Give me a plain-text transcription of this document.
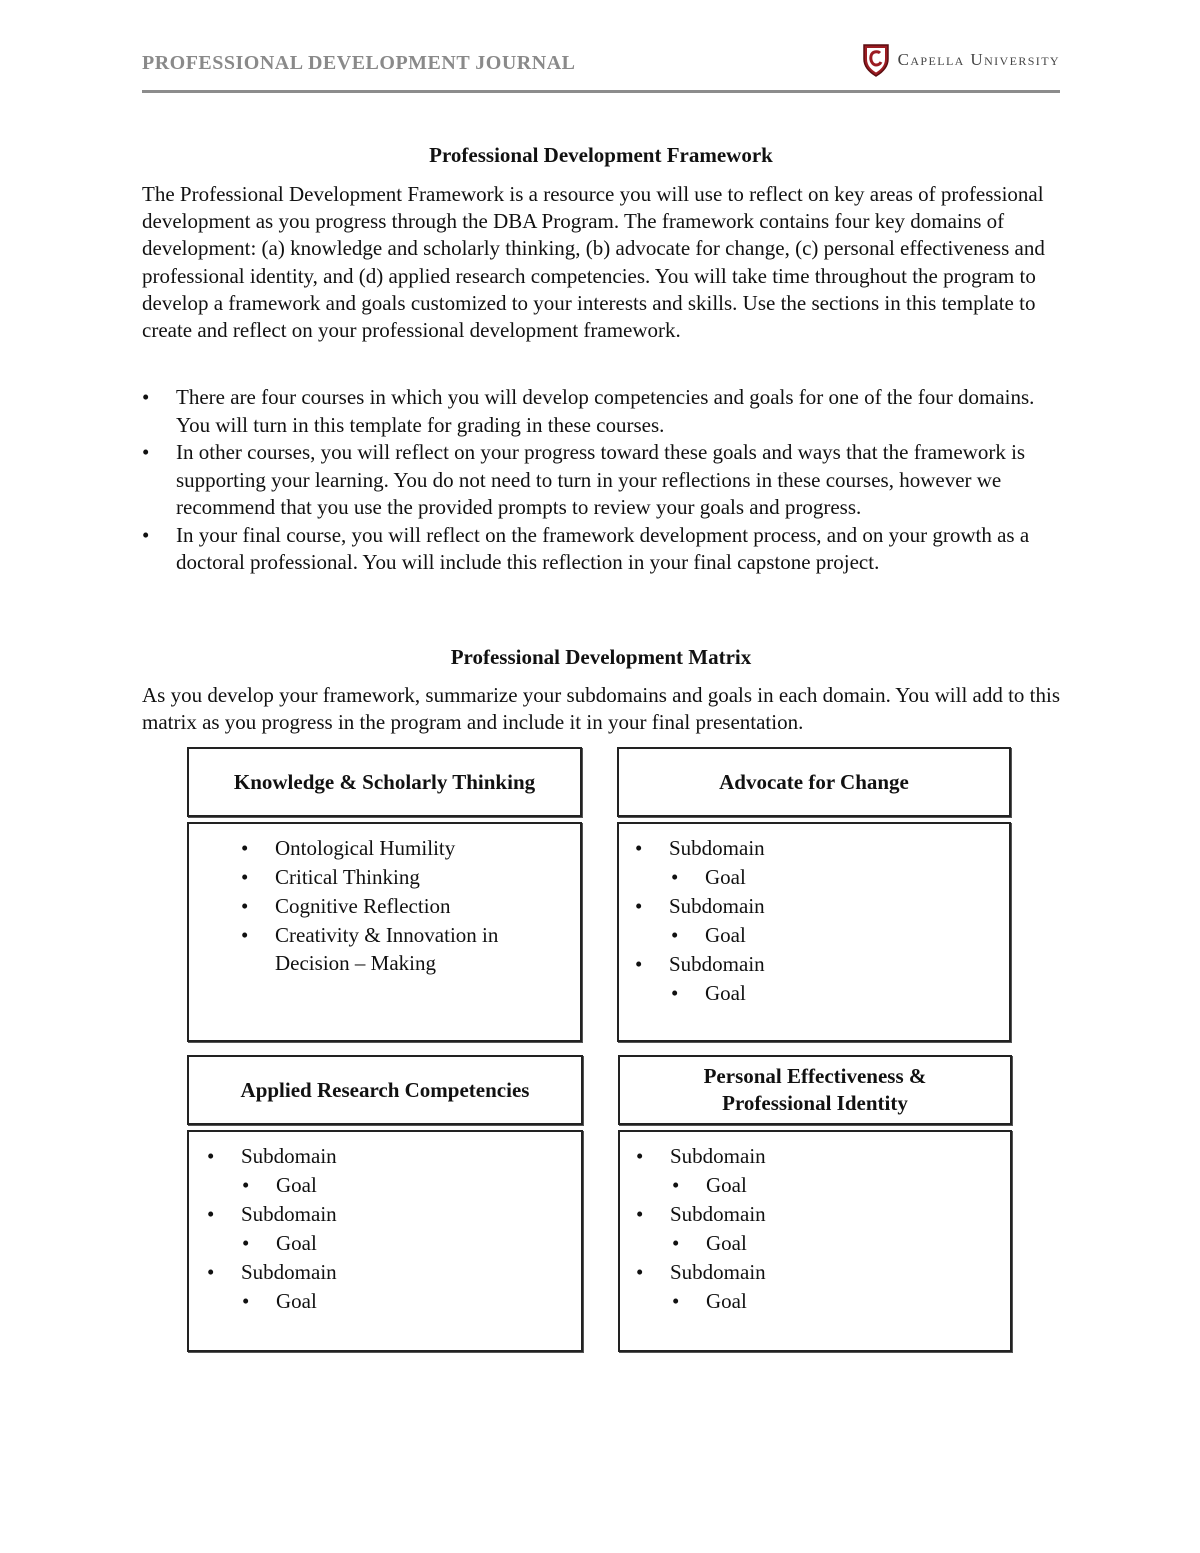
PROFESSIONAL DEVELOPMENT JOURNAL	Capella University
Professional Development Framework
The Professional Development Framework is a resource you will use to reflect on key areas of professional development as you progress through the DBA Program. The framework contains four key domains of development: (a) knowledge and scholarly thinking, (b) advocate for change, (c) personal effectiveness and professional identity, and (d) applied research competencies. You will take time throughout the program to develop a framework and goals customized to your interests and skills. Use the sections in this template to create and reflect on your professional development framework.
• There are four courses in which you will develop competencies and goals for one of the four domains. You will turn in this template for grading in these courses.
• In other courses, you will reflect on your progress toward these goals and ways that the framework is supporting your learning. You do not need to turn in your reflections in these courses, however we recommend that you use the provided prompts to review your goals and progress.
• In your final course, you will reflect on the framework development process, and on your growth as a doctoral professional. You will include this reflection in your final capstone project.
Professional Development Matrix
As you develop your framework, summarize your subdomains and goals in each domain. You will add to this matrix as you progress in the program and include it in your final presentation.
Knowledge & Scholarly Thinking
• Ontological Humility
• Critical Thinking
• Cognitive Reflection
• Creativity & Innovation in Decision – Making
Advocate for Change
• Subdomain
• Goal
• Subdomain
• Goal
• Subdomain
• Goal
Applied Research Competencies
• Subdomain
• Goal
• Subdomain
• Goal
• Subdomain
• Goal
Personal Effectiveness & Professional Identity
• Subdomain
• Goal
• Subdomain
• Goal
• Subdomain
• Goal
